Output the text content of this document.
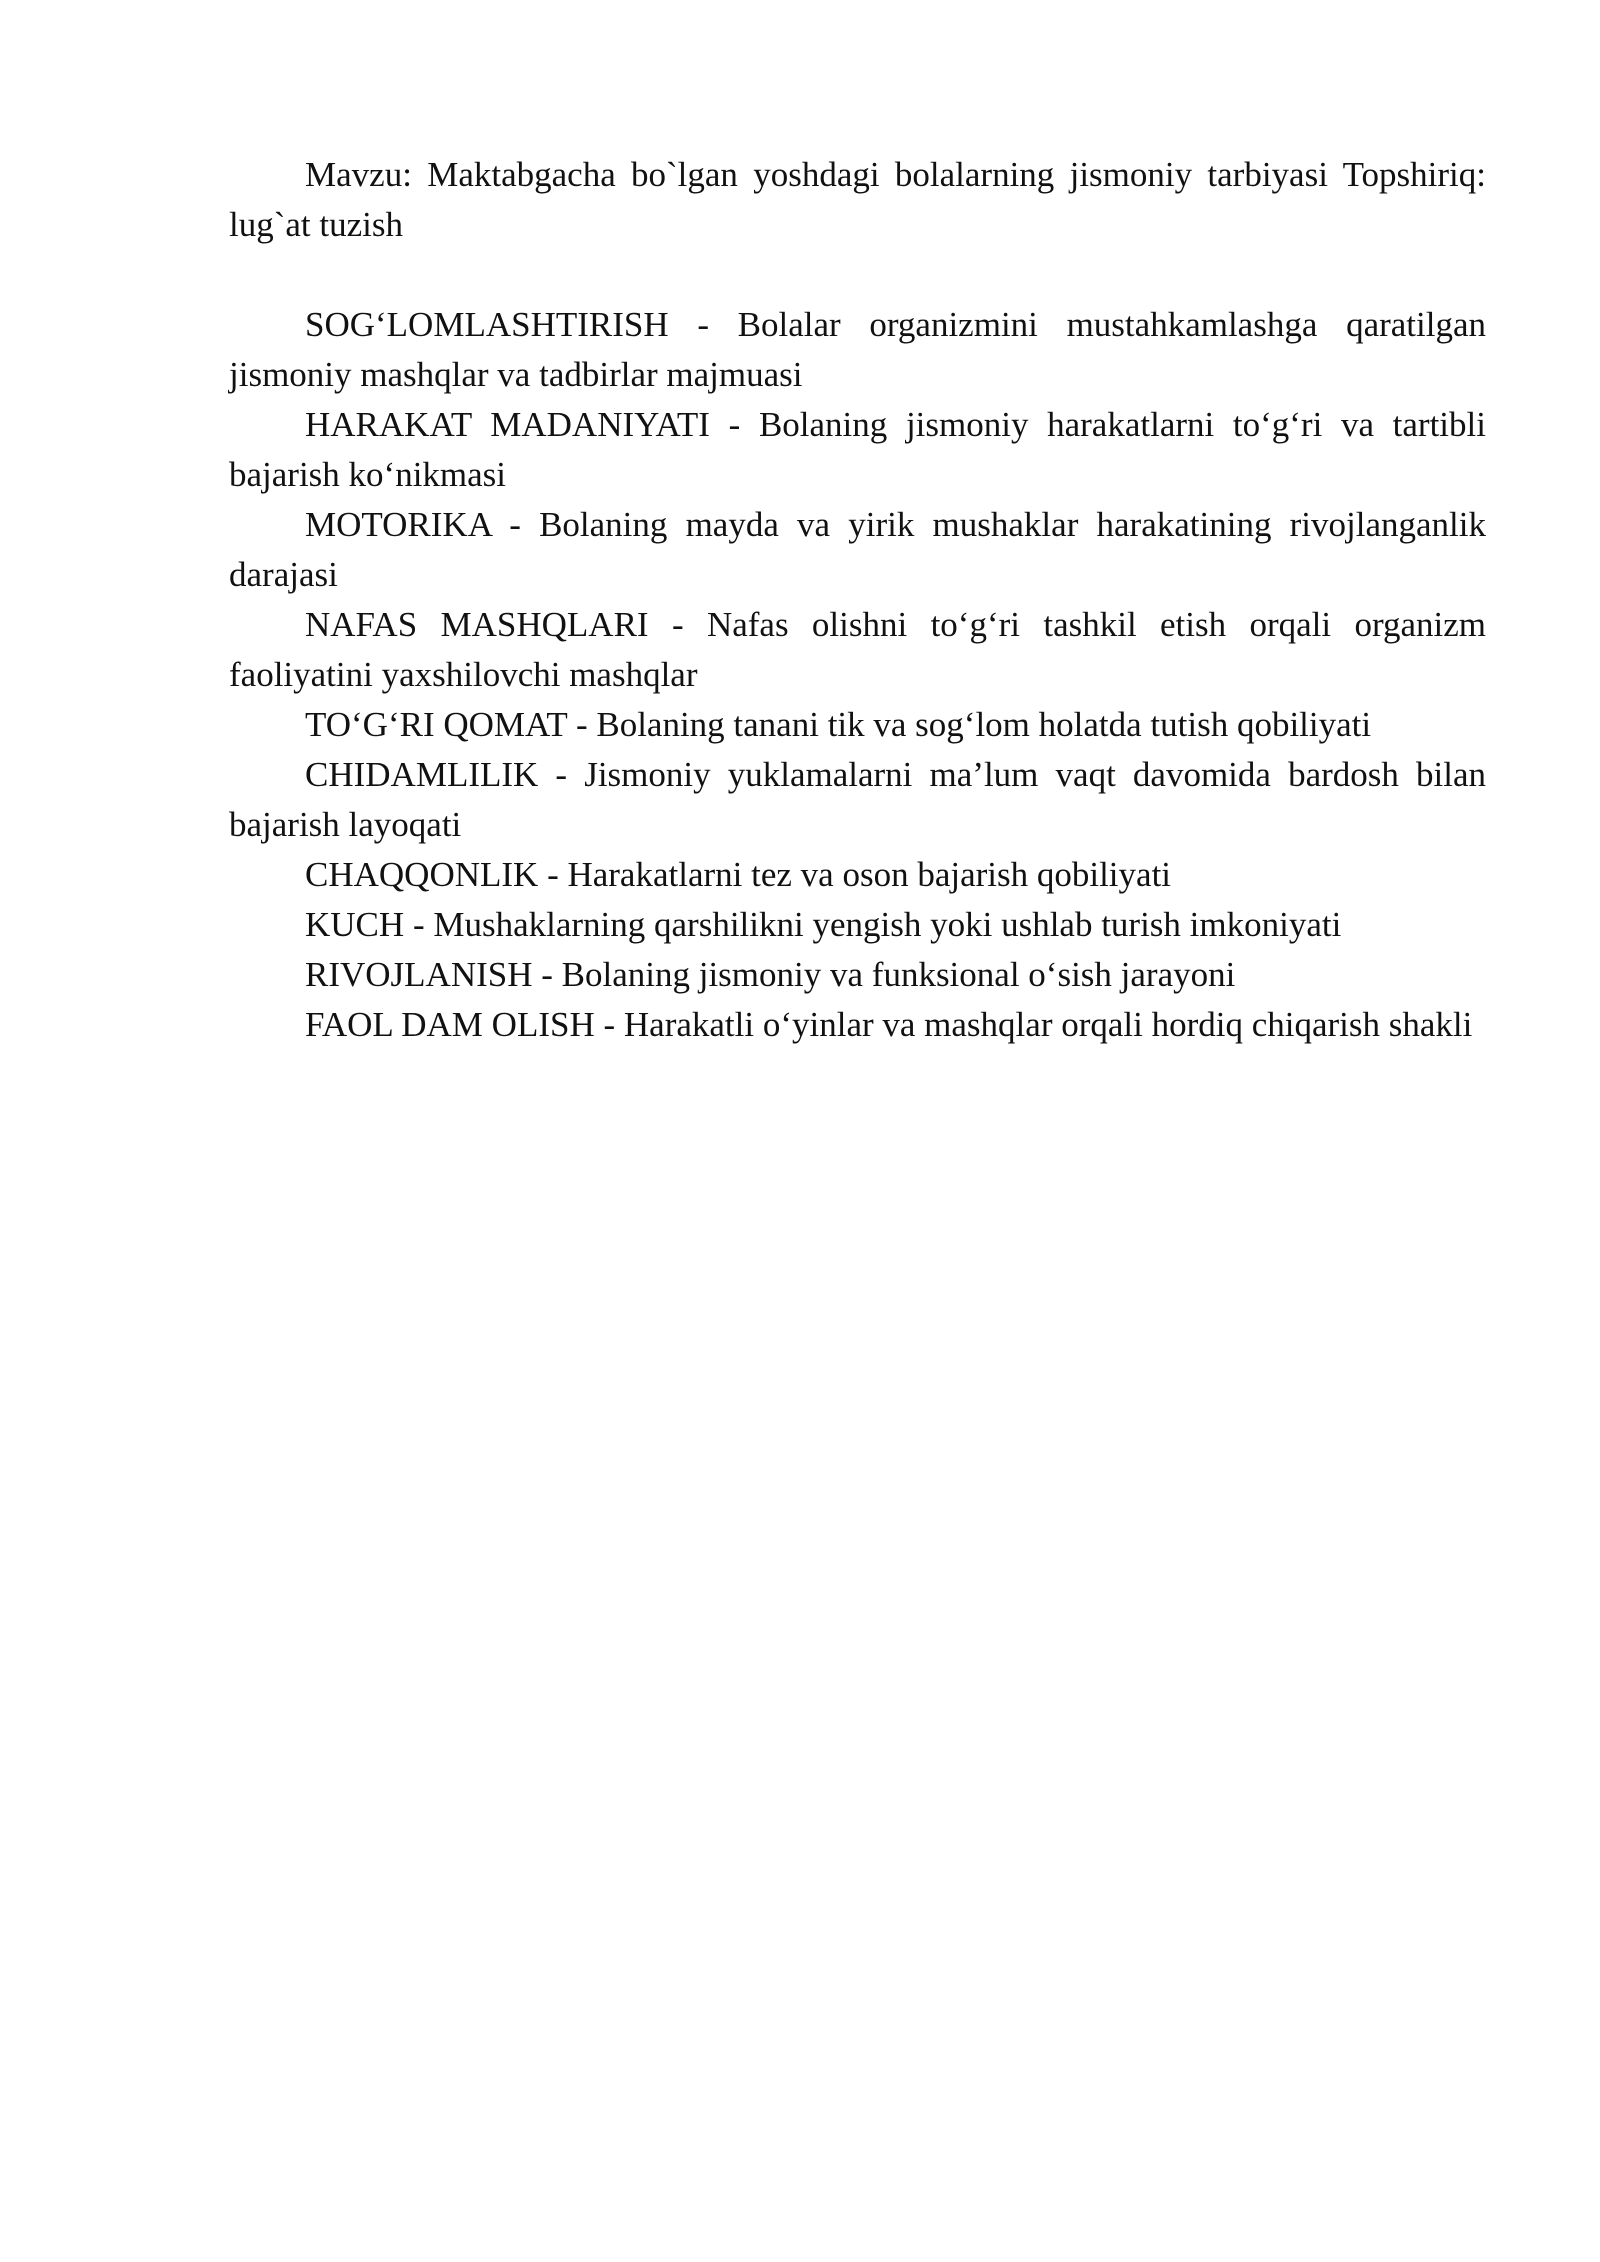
Mavzu: Maktabgacha bo`lgan yoshdagi bolalarning jismoniy tarbiyasi Topshiriq: lug`at tuzish

SOG‘LOMLASHTIRISH - Bolalar organizmini mustahkamlashga qaratilgan jismoniy mashqlar va tadbirlar majmuasi

HARAKAT MADANIYATI - Bolaning jismoniy harakatlarni to‘g‘ri va tartibli bajarish ko‘nikmasi

MOTORIKA - Bolaning mayda va yirik mushaklar harakatining rivojlanganlik darajasi

NAFAS MASHQLARI - Nafas olishni to‘g‘ri tashkil etish orqali organizm faoliyatini yaxshilovchi mashqlar

TO‘G‘RI QOMAT - Bolaning tanani tik va sog‘lom holatda tutish qobiliyati

CHIDAMLILIK - Jismoniy yuklamalarni ma’lum vaqt davomida bardosh bilan bajarish layoqati

CHAQQONLIK - Harakatlarni tez va oson bajarish qobiliyati

KUCH - Mushaklarning qarshilikni yengish yoki ushlab turish imkoniyati

RIVOJLANISH - Bolaning jismoniy va funksional o‘sish jarayoni

FAOL DAM OLISH - Harakatli o‘yinlar va mashqlar orqali hordiq chiqarish shakli
